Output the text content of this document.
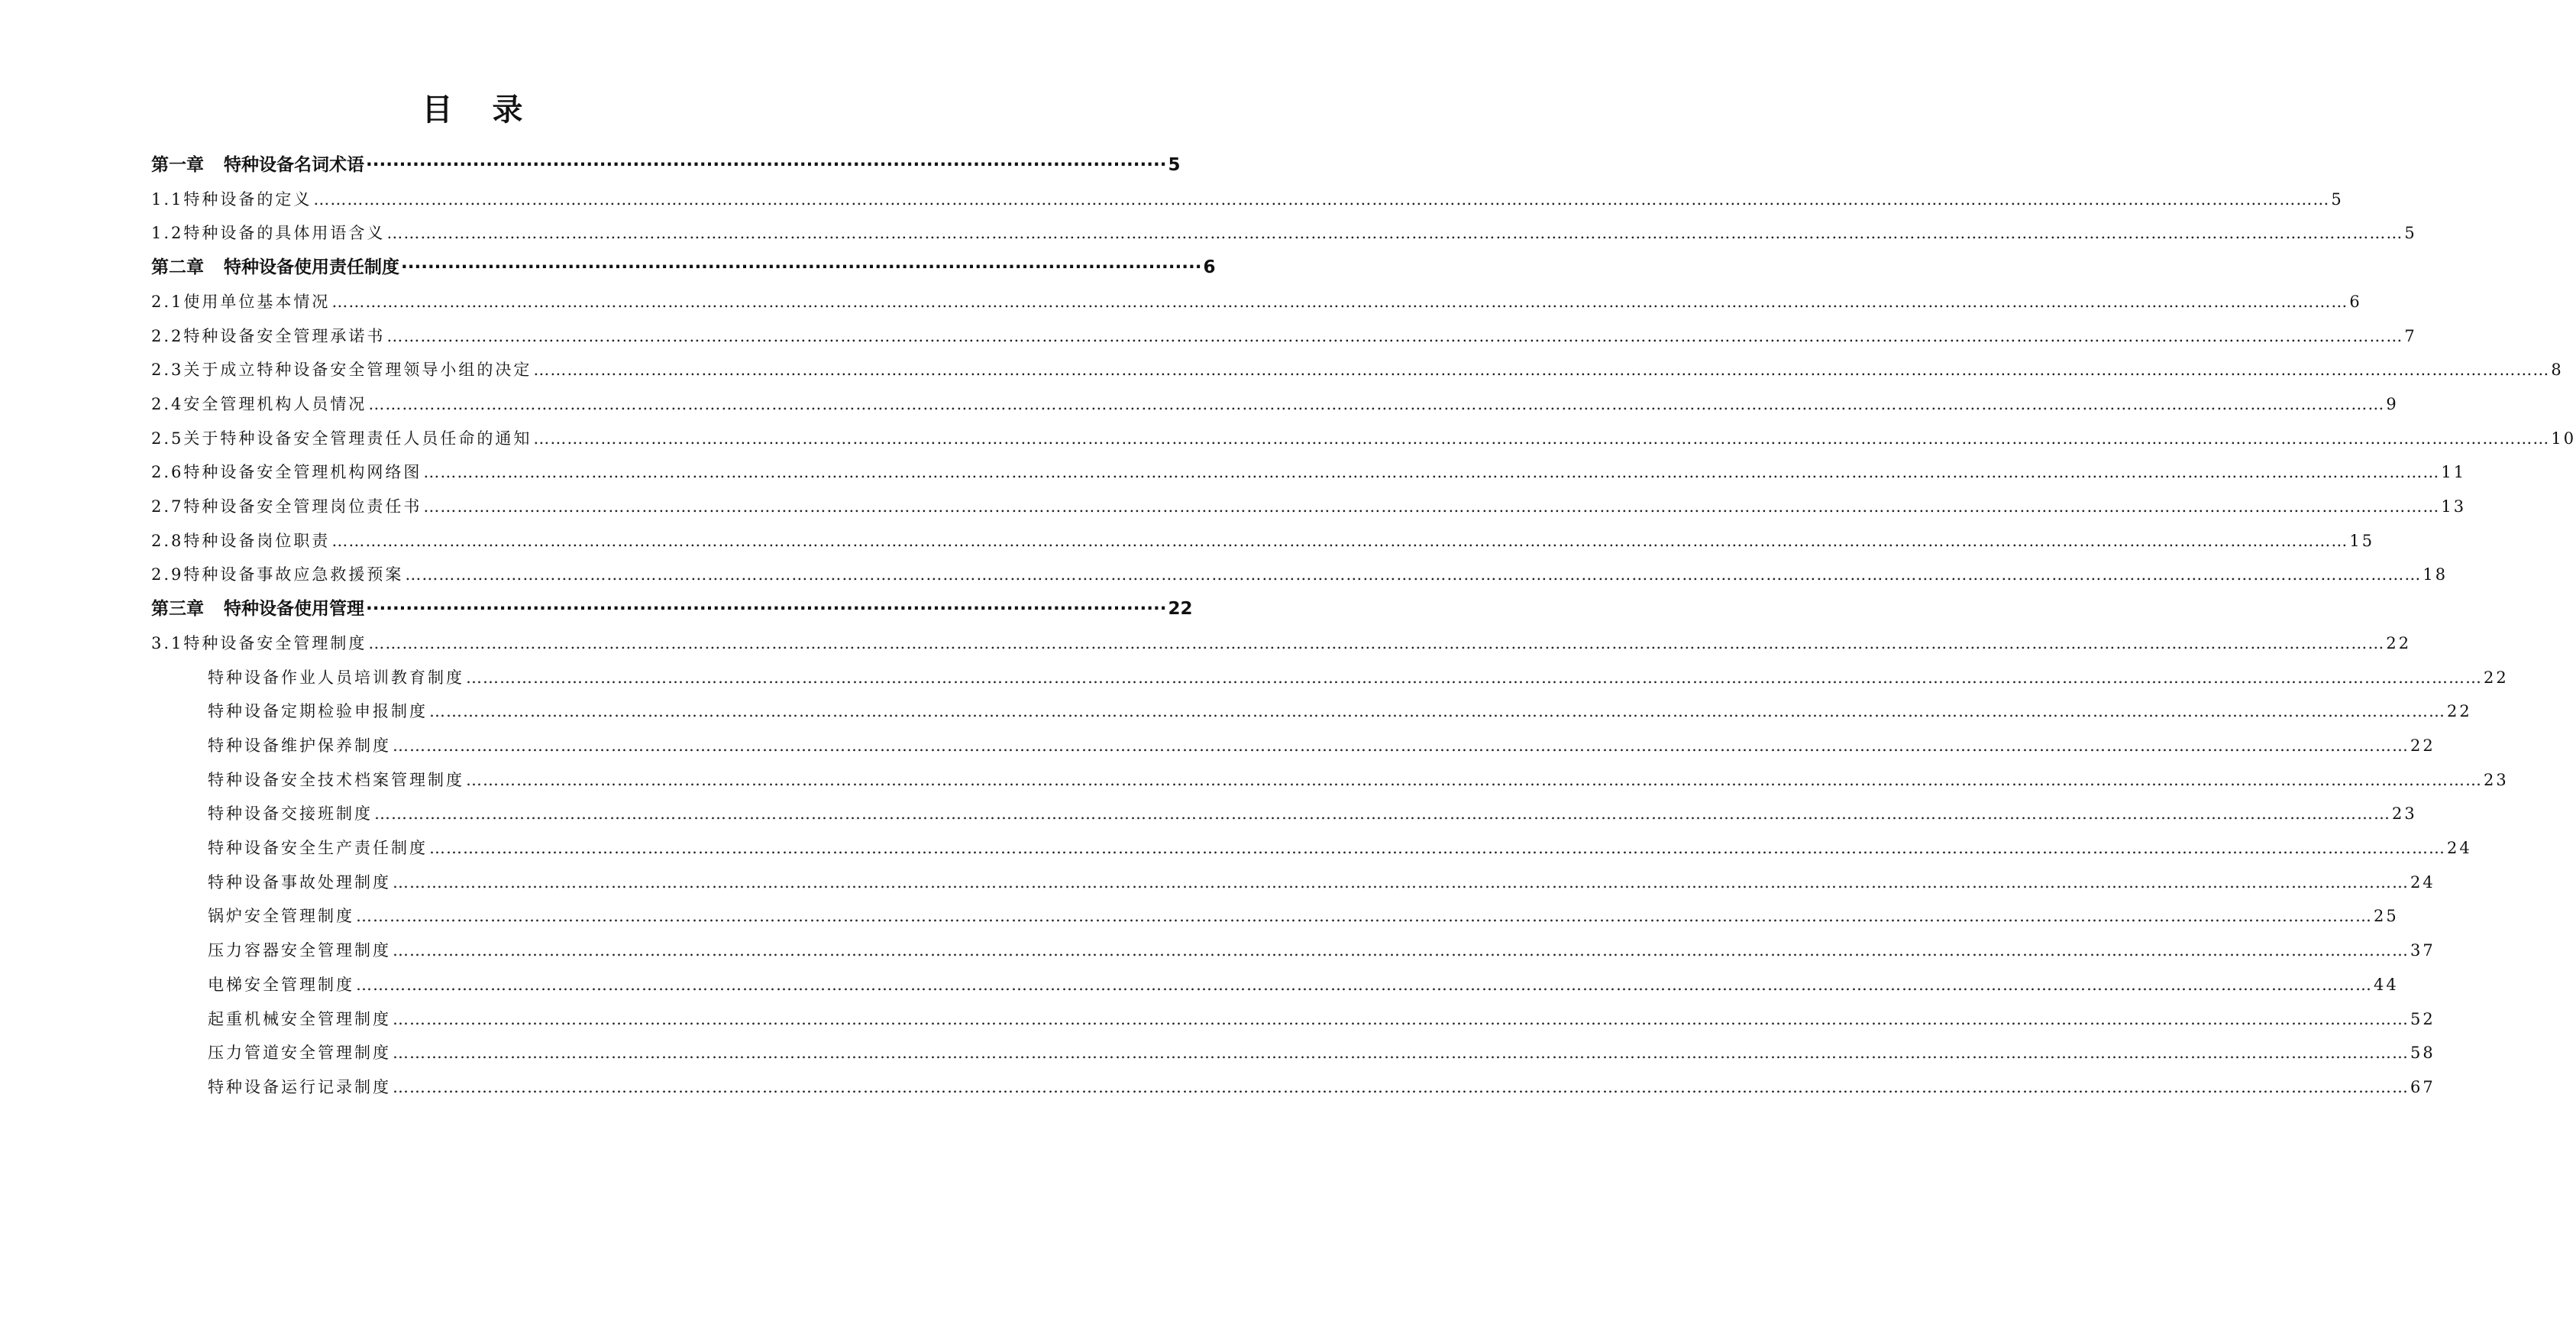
目 录
第一章 特种设备名词术语 ························································································································ 5
1.1特种设备的定义 ……………………………………………………………………………………………………………………………………………………………………………………………………………………………………………………………………………………………………………………………… 5
1.2特种设备的具体用语含义 ……………………………………………………………………………………………………………………………………………………………………………………………………………………………………………………………………………………………………………………………… 5
第二章 特种设备使用责任制度 ························································································································ 6
2.1使用单位基本情况 ……………………………………………………………………………………………………………………………………………………………………………………………………………………………………………………………………………………………………………………………… 6
2.2特种设备安全管理承诺书 ……………………………………………………………………………………………………………………………………………………………………………………………………………………………………………………………………………………………………………………………… 7
2.3关于成立特种设备安全管理领导小组的决定 ……………………………………………………………………………………………………………………………………………………………………………………………………………………………………………………………………………………………………………………………… 8
2.4安全管理机构人员情况 ……………………………………………………………………………………………………………………………………………………………………………………………………………………………………………………………………………………………………………………………… 9
2.5关于特种设备安全管理责任人员任命的通知 ……………………………………………………………………………………………………………………………………………………………………………………………………………………………………………………………………………………………………………………………… 10
2.6特种设备安全管理机构网络图 ……………………………………………………………………………………………………………………………………………………………………………………………………………………………………………………………………………………………………………………………… 11
2.7特种设备安全管理岗位责任书 ……………………………………………………………………………………………………………………………………………………………………………………………………………………………………………………………………………………………………………………………… 13
2.8特种设备岗位职责 ……………………………………………………………………………………………………………………………………………………………………………………………………………………………………………………………………………………………………………………………… 15
2.9特种设备事故应急救援预案 ……………………………………………………………………………………………………………………………………………………………………………………………………………………………………………………………………………………………………………………………… 18
第三章 特种设备使用管理 ························································································································ 22
3.1特种设备安全管理制度 ……………………………………………………………………………………………………………………………………………………………………………………………………………………………………………………………………………………………………………………………… 22
特种设备作业人员培训教育制度 ……………………………………………………………………………………………………………………………………………………………………………………………………………………………………………………………………………………………………………………………… 22
特种设备定期检验申报制度 ……………………………………………………………………………………………………………………………………………………………………………………………………………………………………………………………………………………………………………………………… 22
特种设备维护保养制度 ……………………………………………………………………………………………………………………………………………………………………………………………………………………………………………………………………………………………………………………………… 22
特种设备安全技术档案管理制度 ……………………………………………………………………………………………………………………………………………………………………………………………………………………………………………………………………………………………………………………………… 23
特种设备交接班制度 ……………………………………………………………………………………………………………………………………………………………………………………………………………………………………………………………………………………………………………………………… 23
特种设备安全生产责任制度 ……………………………………………………………………………………………………………………………………………………………………………………………………………………………………………………………………………………………………………………………… 24
特种设备事故处理制度 ……………………………………………………………………………………………………………………………………………………………………………………………………………………………………………………………………………………………………………………………… 24
锅炉安全管理制度 ……………………………………………………………………………………………………………………………………………………………………………………………………………………………………………………………………………………………………………………………… 25
压力容器安全管理制度 ……………………………………………………………………………………………………………………………………………………………………………………………………………………………………………………………………………………………………………………………… 37
电梯安全管理制度 ……………………………………………………………………………………………………………………………………………………………………………………………………………………………………………………………………………………………………………………………… 44
起重机械安全管理制度 ……………………………………………………………………………………………………………………………………………………………………………………………………………………………………………………………………………………………………………………………… 52
压力管道安全管理制度 ……………………………………………………………………………………………………………………………………………………………………………………………………………………………………………………………………………………………………………………………… 58
特种设备运行记录制度 ……………………………………………………………………………………………………………………………………………………………………………………………………………………………………………………………………………………………………………………………… 67
